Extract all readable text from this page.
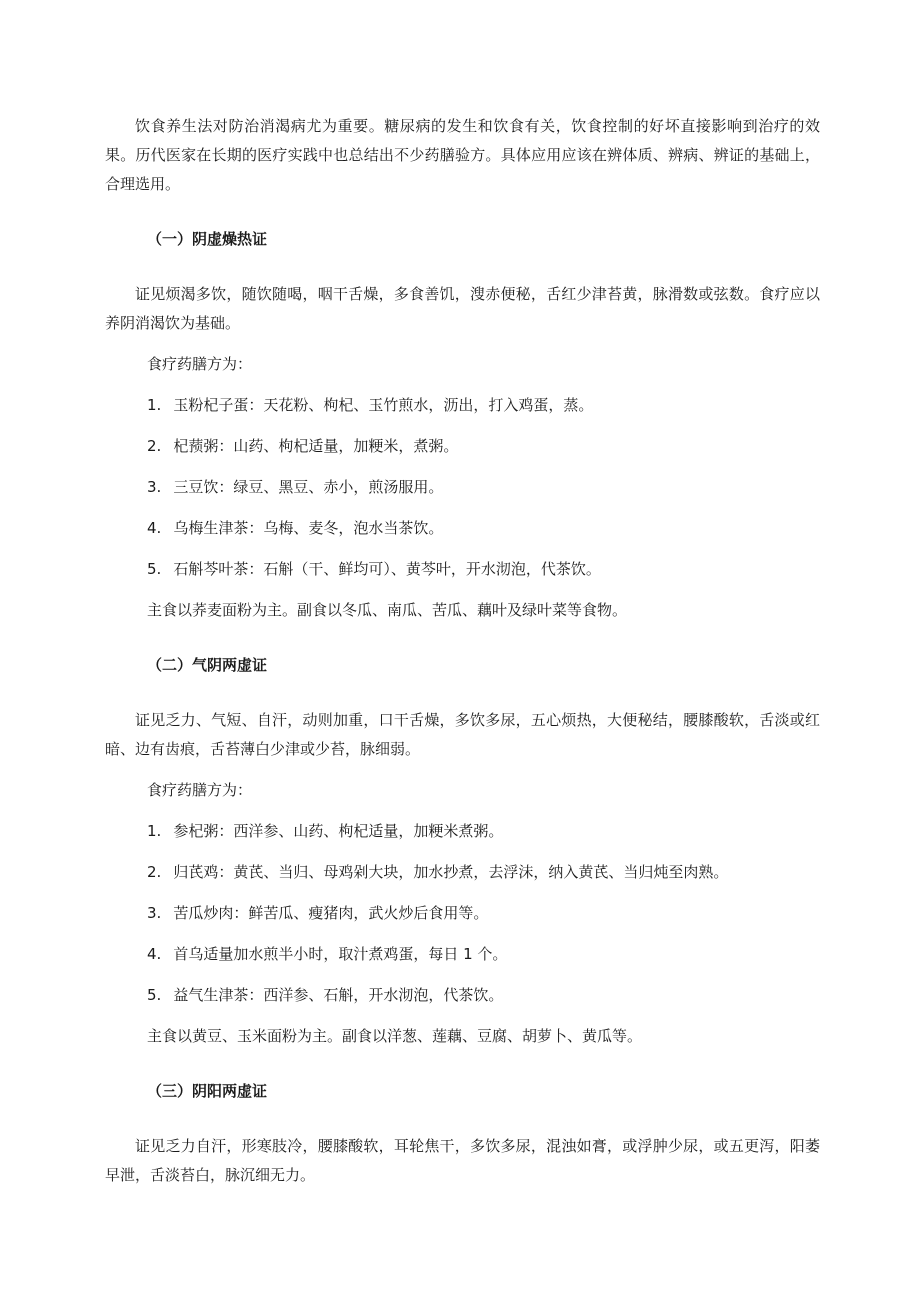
饮食养生法对防治消渴病尤为重要。糖尿病的发生和饮食有关，饮食控制的好坏直接影响到治疗的效果。历代医家在长期的医疗实践中也总结出不少药膳验方。具体应用应该在辨体质、辨病、辨证的基础上，合理选用。

（一）阴虚燥热证

证见烦渴多饮，随饮随喝，咽干舌燥，多食善饥，溲赤便秘，舌红少津苔黄，脉滑数或弦数。食疗应以养阴消渴饮为基础。

食疗药膳方为：

1. 玉粉杞子蛋：天花粉、枸杞、玉竹煎水，沥出，打入鸡蛋，蒸。

2. 杞蓣粥：山药、枸杞适量，加粳米，煮粥。

3. 三豆饮：绿豆、黑豆、赤小，煎汤服用。

4. 乌梅生津茶：乌梅、麦冬，泡水当茶饮。

5. 石斛芩叶茶：石斛（干、鲜均可）、黄芩叶，开水沏泡，代茶饮。

主食以荞麦面粉为主。副食以冬瓜、南瓜、苦瓜、藕叶及绿叶菜等食物。

（二）气阴两虚证

证见乏力、气短、自汗，动则加重，口干舌燥，多饮多尿，五心烦热，大便秘结，腰膝酸软，舌淡或红暗、边有齿痕，舌苔薄白少津或少苔，脉细弱。

食疗药膳方为：

1. 参杞粥：西洋参、山药、枸杞适量，加粳米煮粥。

2. 归芪鸡：黄芪、当归、母鸡剁大块，加水抄煮，去浮沫，纳入黄芪、当归炖至肉熟。

3. 苦瓜炒肉：鲜苦瓜、瘦猪肉，武火炒后食用等。

4. 首乌适量加水煎半小时，取汁煮鸡蛋，每日 1 个。

5. 益气生津茶：西洋参、石斛，开水沏泡，代茶饮。

主食以黄豆、玉米面粉为主。副食以洋葱、莲藕、豆腐、胡萝卜、黄瓜等。

（三）阴阳两虚证

证见乏力自汗，形寒肢冷，腰膝酸软，耳轮焦干，多饮多尿，混浊如膏，或浮肿少尿，或五更泻，阳萎早泄，舌淡苔白，脉沉细无力。
